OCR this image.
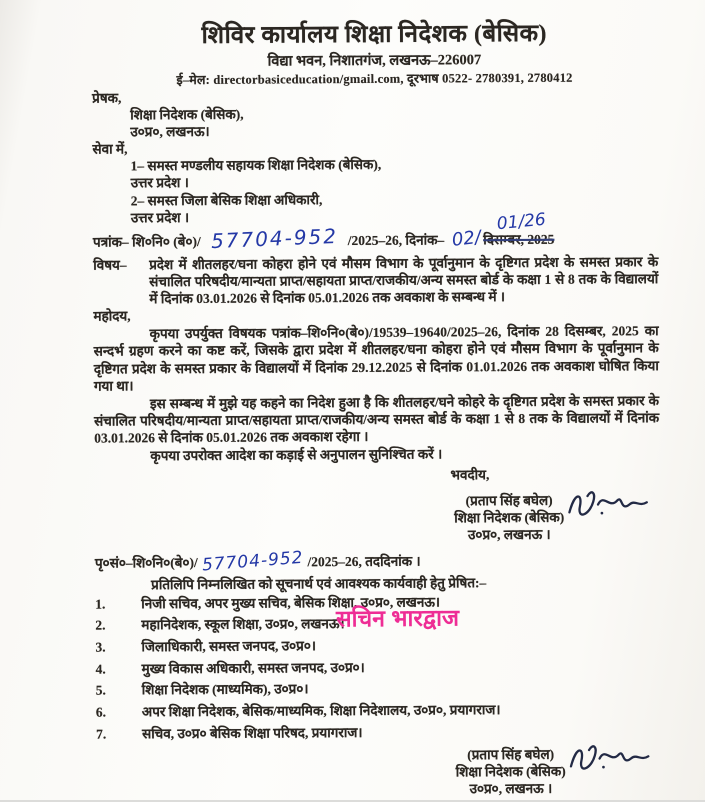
शिविर कार्यालय शिक्षा निदेशक (बेसिक)
विद्या भवन, निशातगंज, लखनऊ–226007
ई–मेल: directorbasiceducation/gmail.com, दूरभाष 0522- 2780391, 2780412
प्रेषक,
शिक्षा निदेशक (बेसिक),
उ०प्र०, लखनऊ।
सेवा में,
1– समस्त मण्डलीय सहायक शिक्षा निदेशक (बेसिक),
उत्तर प्रदेश ।
2– समस्त जिला बेसिक शिक्षा अधिकारी,
उत्तर प्रदेश ।
पत्रांक– शि०नि० (बे०)/ 57704-952 /2025–26, दिनांक– 02/
01/26
दिसम्बर, 2025
विषय–	प्रदेश में शीतलहर/घना कोहरा होने एवं मौसम विभाग के पूर्वानुमान के दृष्टिगत प्रदेश के समस्त प्रकार के संचालित परिषदीय/मान्यता प्राप्त/सहायता प्राप्त/राजकीय/अन्य समस्त बोर्ड के कक्षा 1 से 8 तक के विद्यालयों में दिनांक 03.01.2026 से दिनांक 05.01.2026 तक अवकाश के सम्बन्ध में ।
महोदय,

कृपया उपर्युक्त विषयक पत्रांक–शि०नि०(बे०)/19539–19640/2025–26, दिनांक 28 दिसम्बर, 2025 का सन्दर्भ ग्रहण करने का कष्ट करें, जिसके द्वारा प्रदेश में शीतलहर/घना कोहरा होने एवं मौसम विभाग के पूर्वानुमान के दृष्टिगत प्रदेश के समस्त प्रकार के विद्यालयों में दिनांक 29.12.2025 से दिनांक 01.01.2026 तक अवकाश घोषित किया गया था।

इस सम्बन्ध में मुझे यह कहने का निदेश हुआ है कि शीतलहर/घने कोहरे के दृष्टिगत प्रदेश के समस्त प्रकार के संचालित परिषदीय/मान्यता प्राप्त/सहायता प्राप्त/राजकीय/अन्य समस्त बोर्ड के कक्षा 1 से 8 तक के विद्यालयों में दिनांक 03.01.2026 से दिनांक 05.01.2026 तक अवकाश रहेगा ।

कृपया उपरोक्त आदेश का कड़ाई से अनुपालन सुनिश्चित करें ।

भवदीय,
(प्रताप सिंह बघेल)
शिक्षा निदेशक (बेसिक)
उ०प्र०, लखनऊ ।
पृ०सं०–शि०नि०(बे०)/ 57704-952 /2025–26, तददिनांक ।
प्रतिलिपि निम्नलिखित को सूचनार्थ एवं आवश्यक कार्यवाही हेतु प्रेषित:–
1.	निजी सचिव, अपर मुख्य सचिव, बेसिक शिक्षा, उ०प्र०, लखनऊ।
2.	महानिदेशक, स्कूल शिक्षा, उ०प्र०, लखनऊ।
3.	जिलाधिकारी, समस्त जनपद, उ०प्र०।
4.	मुख्य विकास अधिकारी, समस्त जनपद, उ०प्र०।
5.	शिक्षा निदेशक (माध्यमिक), उ०प्र०।
6.	अपर शिक्षा निदेशक, बेसिक/माध्यमिक, शिक्षा निदेशालय, उ०प्र०, प्रयागराज।
7.	सचिव, उ०प्र० बेसिक शिक्षा परिषद, प्रयागराज।
(प्रताप सिंह बघेल)
शिक्षा निदेशक (बेसिक)
उ०प्र०, लखनऊ ।
सचिन भारद्वाज
